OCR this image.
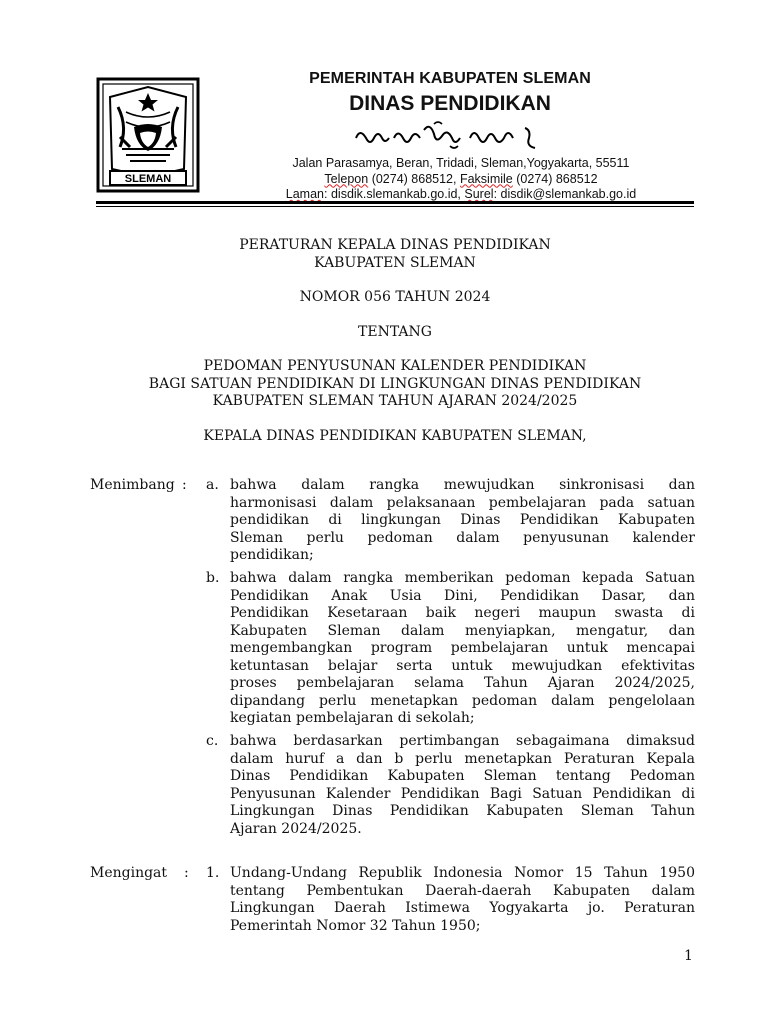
SLEMAN
PEMERINTAH KABUPATEN SLEMAN
DINAS PENDIDIKAN
Jalan Parasamya, Beran, Tridadi, Sleman,Yogyakarta, 55511
Telepon (0274) 868512, Faksimile (0274) 868512
Laman: disdik.slemankab.go.id, Surel: disdik@slemankab.go.id
PERATURAN KEPALA DINAS PENDIDIKAN
KABUPATEN SLEMAN
NOMOR 056 TAHUN 2024
TENTANG
PEDOMAN PENYUSUNAN KALENDER PENDIDIKAN
BAGI SATUAN PENDIDIKAN DI LINGKUNGAN DINAS PENDIDIKAN
KABUPATEN SLEMAN TAHUN AJARAN 2024/2025
KEPALA DINAS PENDIDIKAN KABUPATEN SLEMAN,
Menimbang : a. bahwa dalam rangka mewujudkan sinkronisasi dan
harmonisasi dalam pelaksanaan pembelajaran pada satuan
pendidikan di lingkungan Dinas Pendidikan Kabupaten
Sleman perlu pedoman dalam penyusunan kalender
pendidikan;
b. bahwa dalam rangka memberikan pedoman kepada Satuan
Pendidikan Anak Usia Dini, Pendidikan Dasar, dan
Pendidikan Kesetaraan baik negeri maupun swasta di
Kabupaten Sleman dalam menyiapkan, mengatur, dan
mengembangkan program pembelajaran untuk mencapai
ketuntasan belajar serta untuk mewujudkan efektivitas
proses pembelajaran selama Tahun Ajaran 2024/2025,
dipandang perlu menetapkan pedoman dalam pengelolaan
kegiatan pembelajaran di sekolah;
c. bahwa berdasarkan pertimbangan sebagaimana dimaksud
dalam huruf a dan b perlu menetapkan Peraturan Kepala
Dinas Pendidikan Kabupaten Sleman tentang Pedoman
Penyusunan Kalender Pendidikan Bagi Satuan Pendidikan di
Lingkungan Dinas Pendidikan Kabupaten Sleman Tahun
Ajaran 2024/2025.
Mengingat : 1. Undang-Undang Republik Indonesia Nomor 15 Tahun 1950
tentang Pembentukan Daerah-daerah Kabupaten dalam
Lingkungan Daerah Istimewa Yogyakarta jo. Peraturan
Pemerintah Nomor 32 Tahun 1950;
1
